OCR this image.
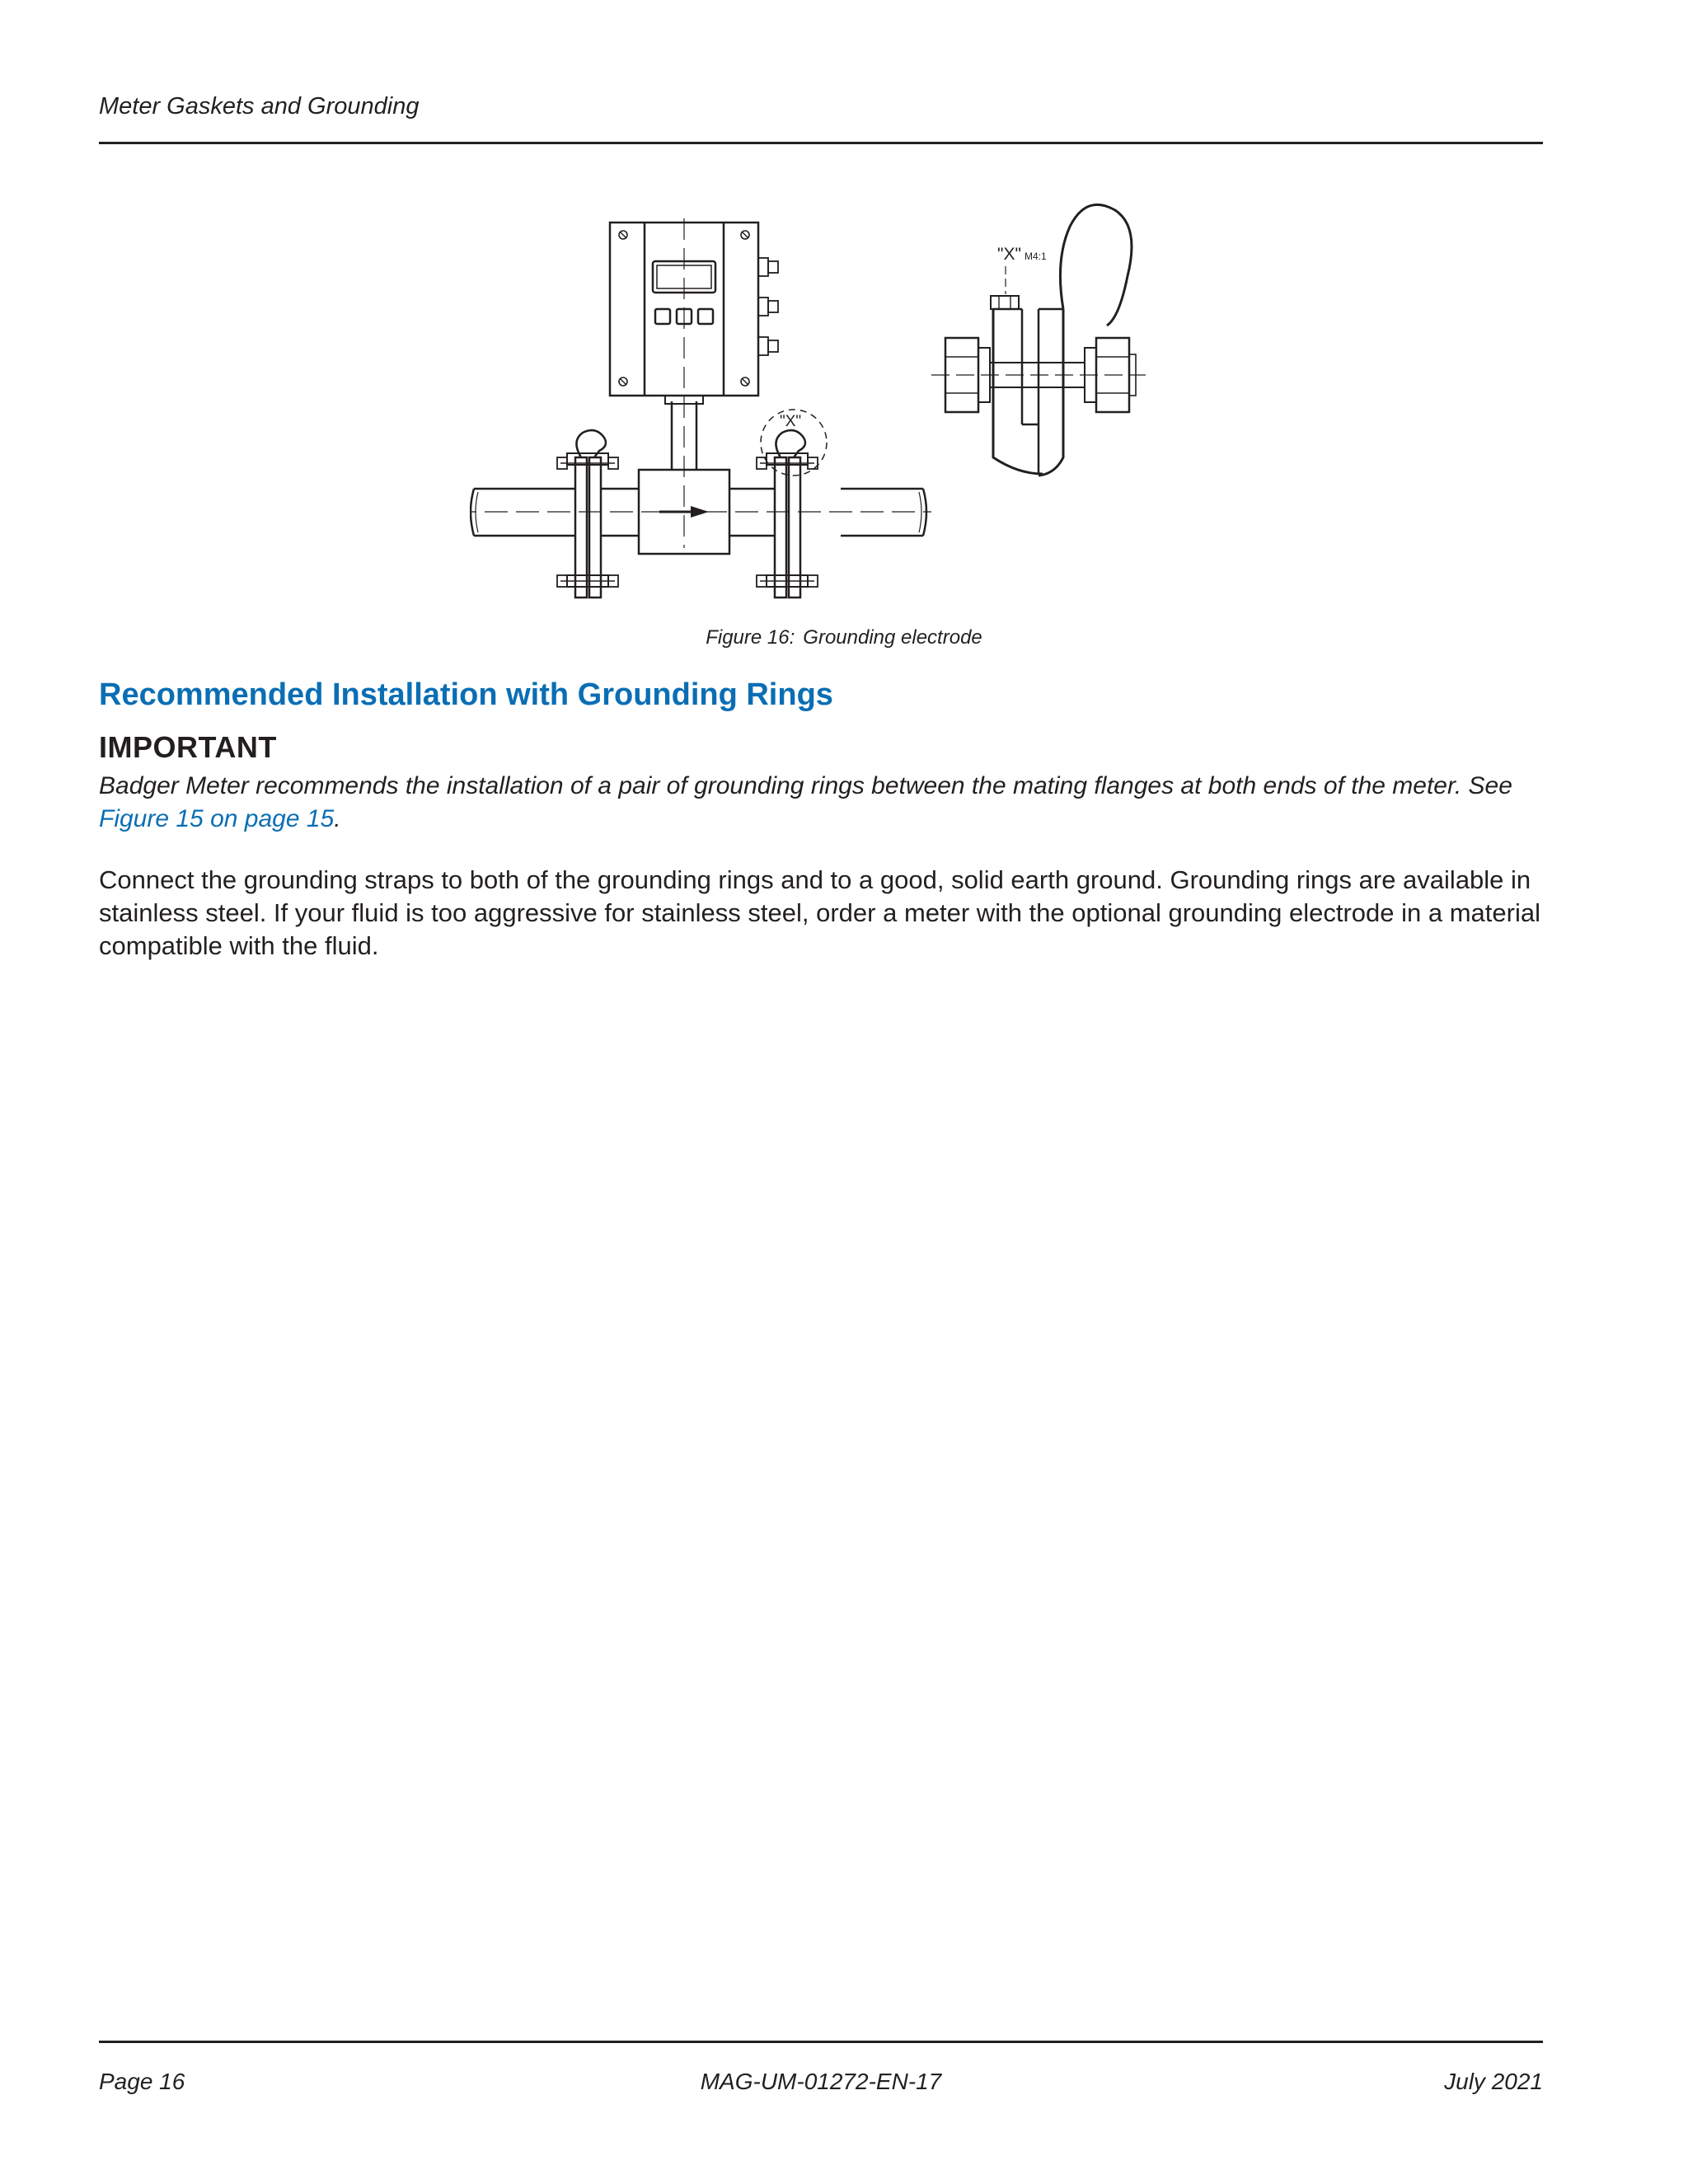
Meter Gaskets and Grounding
"X"
"X" M4:1
Figure 16: Grounding electrode
Recommended Installation with Grounding Rings
IMPORTANT
Badger Meter recommends the installation of a pair of grounding rings between the mating flanges at both ends of the meter. See Figure 15 on page 15.
Connect the grounding straps to both of the grounding rings and to a good, solid earth ground. Grounding rings are available in stainless steel. If your fluid is too aggressive for stainless steel, order a meter with the optional grounding electrode in a material compatible with the fluid.
Page 16	MAG-UM-01272-EN-17	July 2021
